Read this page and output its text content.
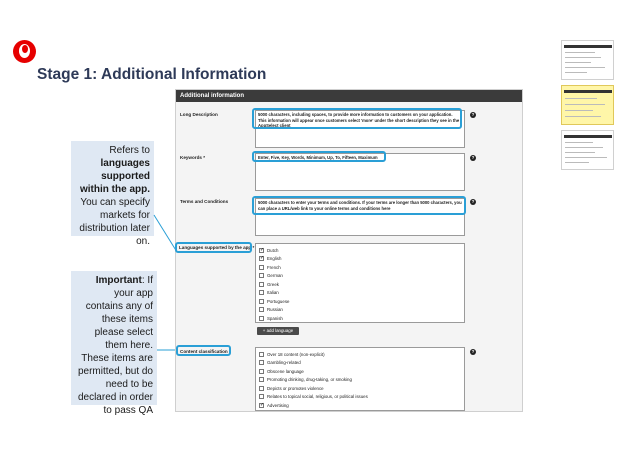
Stage 1: Additional Information
Refers to
languages supported within the app.
You can specify markets for distribution later on.
Important: If your app contains any of these items please select them here. These items are permitted, but do need to be declared in order to pass QA
Additional information
Long Description	5000 characters, including spaces, to provide more information to customers on your application. This information will appear once customers select 'more' under the short description they see in the AppSelect client
?
Keywords *	Enter, Five, Key, Words, Minimum, Up, To, Fifteen, Maximum	?
Terms and Conditions	5000 characters to enter your terms and conditions. If your terms are longer than 5000 characters, you can place a URL/web link to your online terms and conditions here
?
Languages supported by the app *
✓
Dutch
✓
English
French
German
Greek
Italian
Portuguese
Russian
Spanish
+ add language
Content classification
Over 18 content (non-explicit)
Gambling-related
Obscene language
Promoting drinking, drug-taking, or smoking
Depicts or promotes violence
Relates to topical social, religious, or political issues
✓
Advertising
?
